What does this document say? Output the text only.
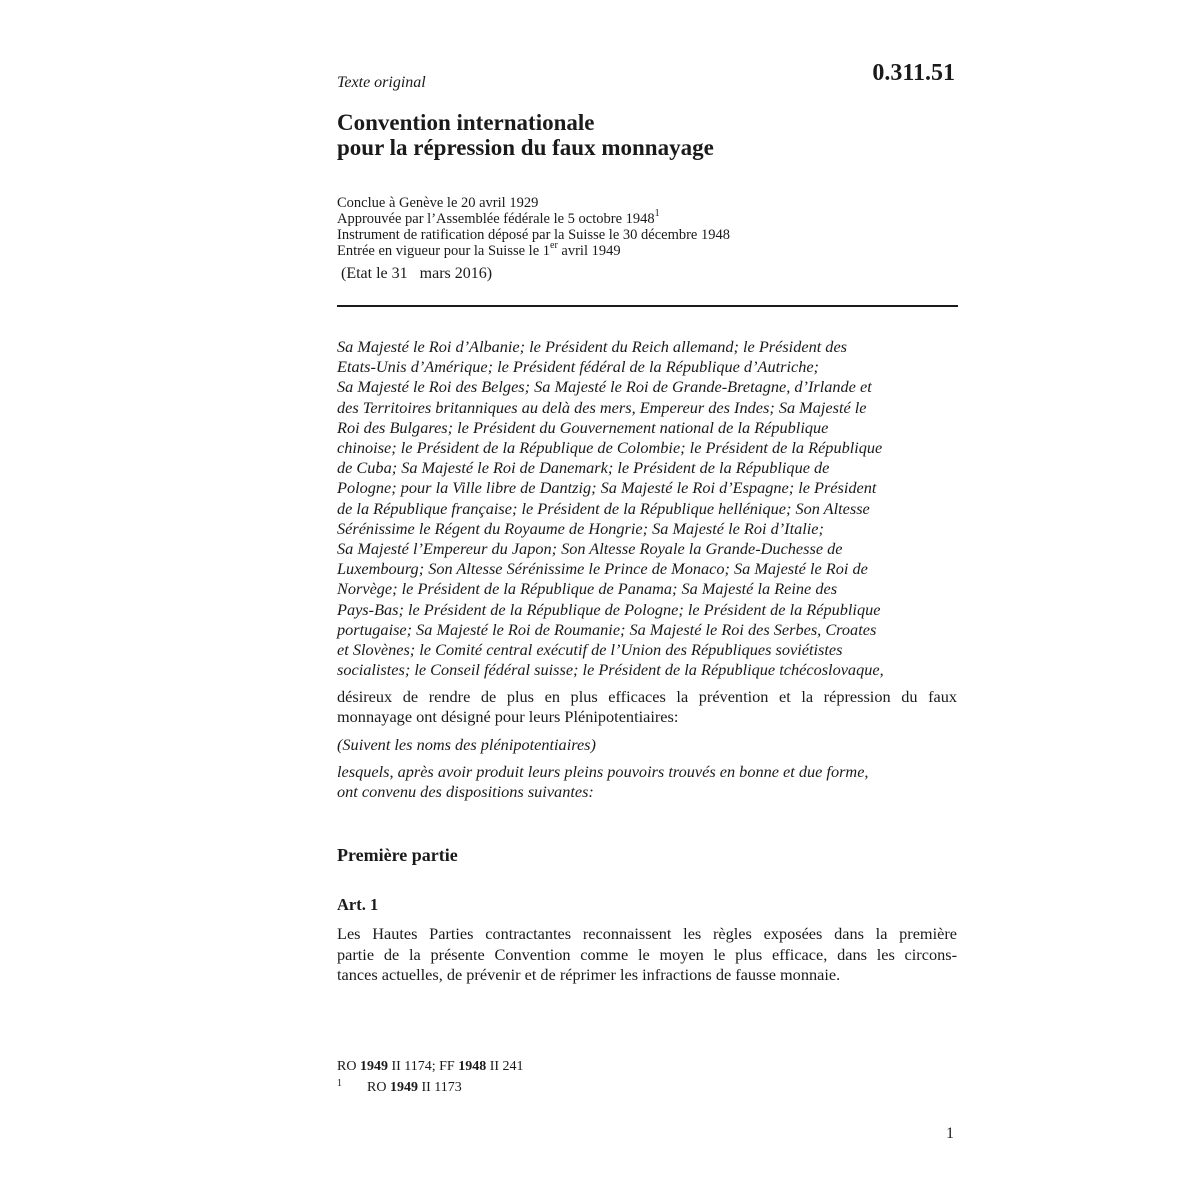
Texte original	0.311.51
Convention internationale
pour la répression du faux monnayage
Conclue à Genève le 20 avril 1929
Approuvée par l’Assemblée fédérale le 5 octobre 1948$^1$
Instrument de ratification déposé par la Suisse le 30 décembre 1948
Entrée en vigueur pour la Suisse le 1er avril 1949
(Etat le 31   mars 2016)
Sa Majesté le Roi d’Albanie; le Président du Reich allemand; le Président des
Etats-Unis d’Amérique; le Président fédéral de la République d’Autriche;
Sa Majesté le Roi des Belges; Sa Majesté le Roi de Grande-Bretagne, d’Irlande et
des Territoires britanniques au delà des mers, Empereur des Indes; Sa Majesté le
Roi des Bulgares; le Président du Gouvernement national de la République
chinoise; le Président de la République de Colombie; le Président de la République
de Cuba; Sa Majesté le Roi de Danemark; le Président de la République de
Pologne; pour la Ville libre de Dantzig; Sa Majesté le Roi d’Espagne; le Président
de la République française; le Président de la République hellénique; Son Altesse
Sérénissime le Régent du Royaume de Hongrie; Sa Majesté le Roi d’Italie;
Sa Majesté l’Empereur du Japon; Son Altesse Royale la Grande-Duchesse de
Luxembourg; Son Altesse Sérénissime le Prince de Monaco; Sa Majesté le Roi de
Norvège; le Président de la République de Panama; Sa Majesté la Reine des
Pays-Bas; le Président de la République de Pologne; le Président de la République
portugaise; Sa Majesté le Roi de Roumanie; Sa Majesté le Roi des Serbes, Croates
et Slovènes; le Comité central exécutif de l’Union des Républiques soviétistes
socialistes; le Conseil fédéral suisse; le Président de la République tchécoslovaque,
désireux de rendre de plus en plus efficaces la prévention et la répression du faux
monnayage ont désigné pour leurs Plénipotentiaires:
(Suivent les noms des plénipotentiaires)
lesquels, après avoir produit leurs pleins pouvoirs trouvés en bonne et due forme,
ont convenu des dispositions suivantes:
Première partie
Art. 1
Les Hautes Parties contractantes reconnaissent les règles exposées dans la première
partie de la présente Convention comme le moyen le plus efficace, dans les circons-
tances actuelles, de prévenir et de réprimer les infractions de fausse monnaie.
RO 1949 II 1174; FF 1948 II 241
$^1$ RO 1949 II 1173
1
